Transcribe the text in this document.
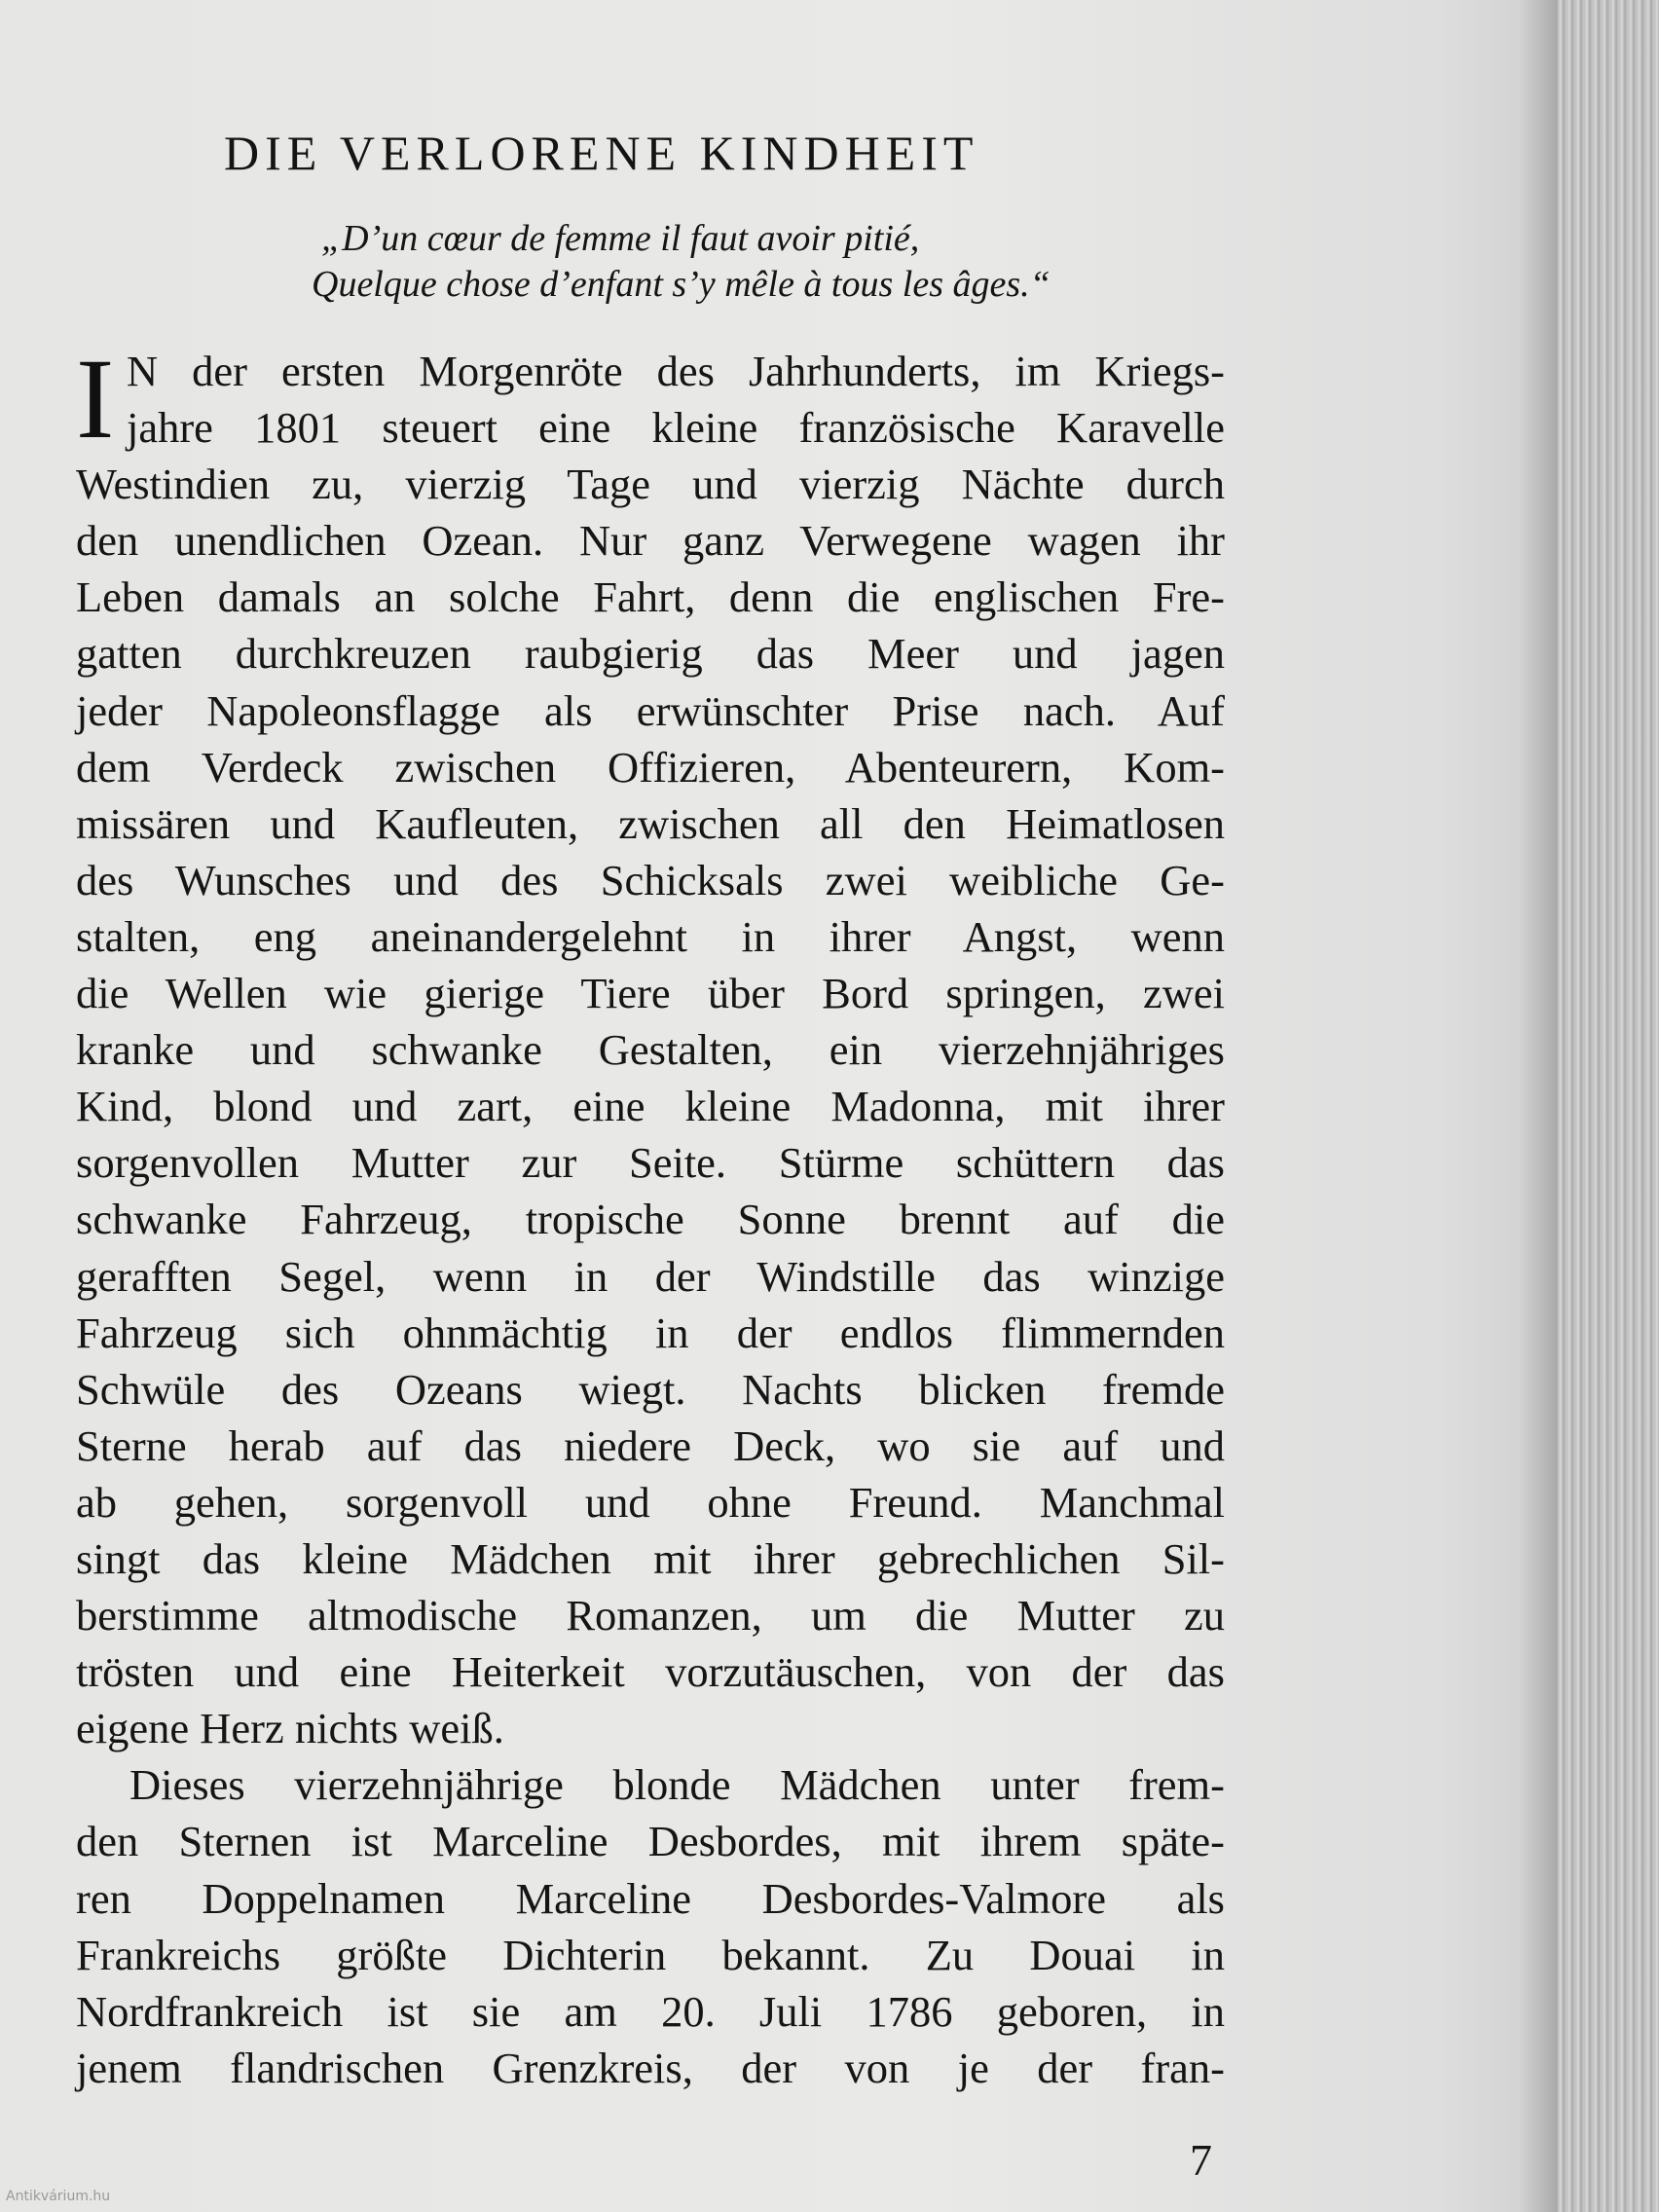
DIE VERLORENE KINDHEIT
„D’un cœur de femme il faut avoir pitié,
Quelque chose d’enfant s’y mêle à tous les âges.“
I N der ersten Morgenröte des Jahrhunderts, im Kriegs-
jahre 1801 steuert eine kleine französische Karavelle
Westindien zu, vierzig Tage und vierzig Nächte durch
den unendlichen Ozean. Nur ganz Verwegene wagen ihr
Leben damals an solche Fahrt, denn die englischen Fre-
gatten durchkreuzen raubgierig das Meer und jagen
jeder Napoleonsflagge als erwünschter Prise nach. Auf
dem Verdeck zwischen Offizieren, Abenteurern, Kom-
missären und Kaufleuten, zwischen all den Heimatlosen
des Wunsches und des Schicksals zwei weibliche Ge-
stalten, eng aneinandergelehnt in ihrer Angst, wenn
die Wellen wie gierige Tiere über Bord springen, zwei
kranke und schwanke Gestalten, ein vierzehnjähriges
Kind, blond und zart, eine kleine Madonna, mit ihrer
sorgenvollen Mutter zur Seite. Stürme schüttern das
schwanke Fahrzeug, tropische Sonne brennt auf die
gerafften Segel, wenn in der Windstille das winzige
Fahrzeug sich ohnmächtig in der endlos flimmernden
Schwüle des Ozeans wiegt. Nachts blicken fremde
Sterne herab auf das niedere Deck, wo sie auf und
ab gehen, sorgenvoll und ohne Freund. Manchmal
singt das kleine Mädchen mit ihrer gebrechlichen Sil-
berstimme altmodische Romanzen, um die Mutter zu
trösten und eine Heiterkeit vorzutäuschen, von der das
eigene Herz nichts weiß.
Dieses vierzehnjährige blonde Mädchen unter frem-
den Sternen ist Marceline Desbordes, mit ihrem späte-
ren Doppelnamen Marceline Desbordes-Valmore als
Frankreichs größte Dichterin bekannt. Zu Douai in
Nordfrankreich ist sie am 20. Juli 1786 geboren, in
jenem flandrischen Grenzkreis, der von je der fran-
7
Antikvárium.hu
